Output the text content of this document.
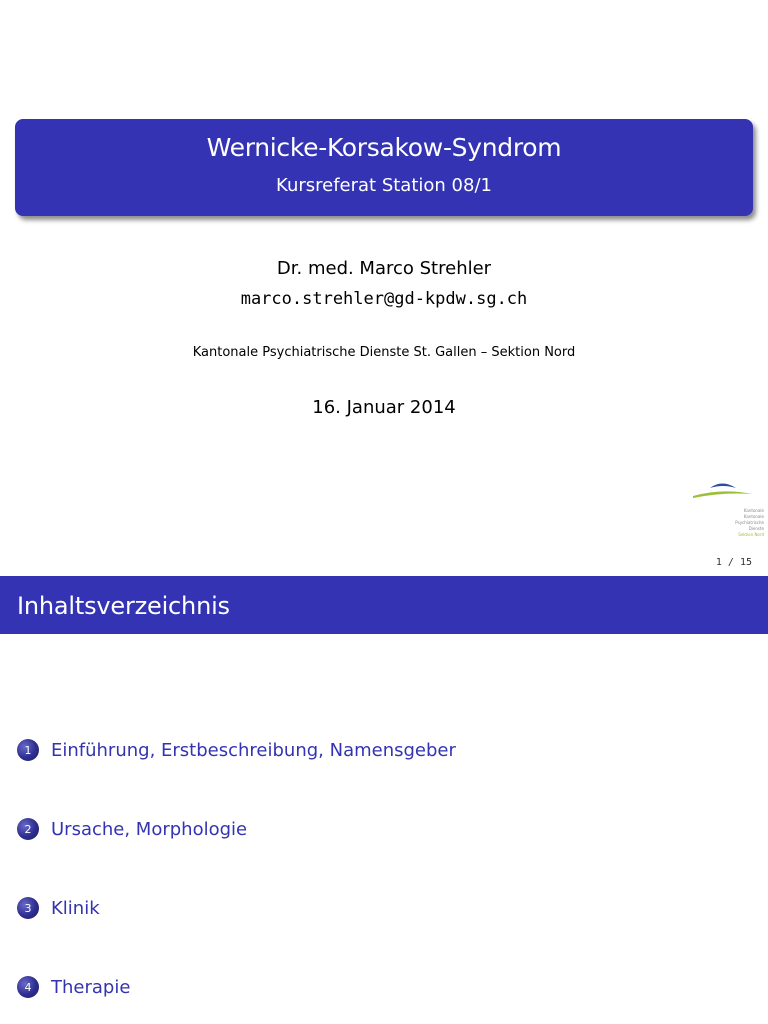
Wernicke-Korsakow-Syndrom
Kursreferat Station 08/1
Dr. med. Marco Strehler
marco.strehler@gd-kpdw.sg.ch
Kantonale Psychiatrische Dienste St. Gallen – Sektion Nord
16. Januar 2014
Kantonale
Kantonale
Psychiatrische
Dienste
Sektion Nord
1 / 15
Inhaltsverzeichnis
1	Einführung, Erstbeschreibung, Namensgeber
2	Ursache, Morphologie
3	Klinik
4	Therapie
